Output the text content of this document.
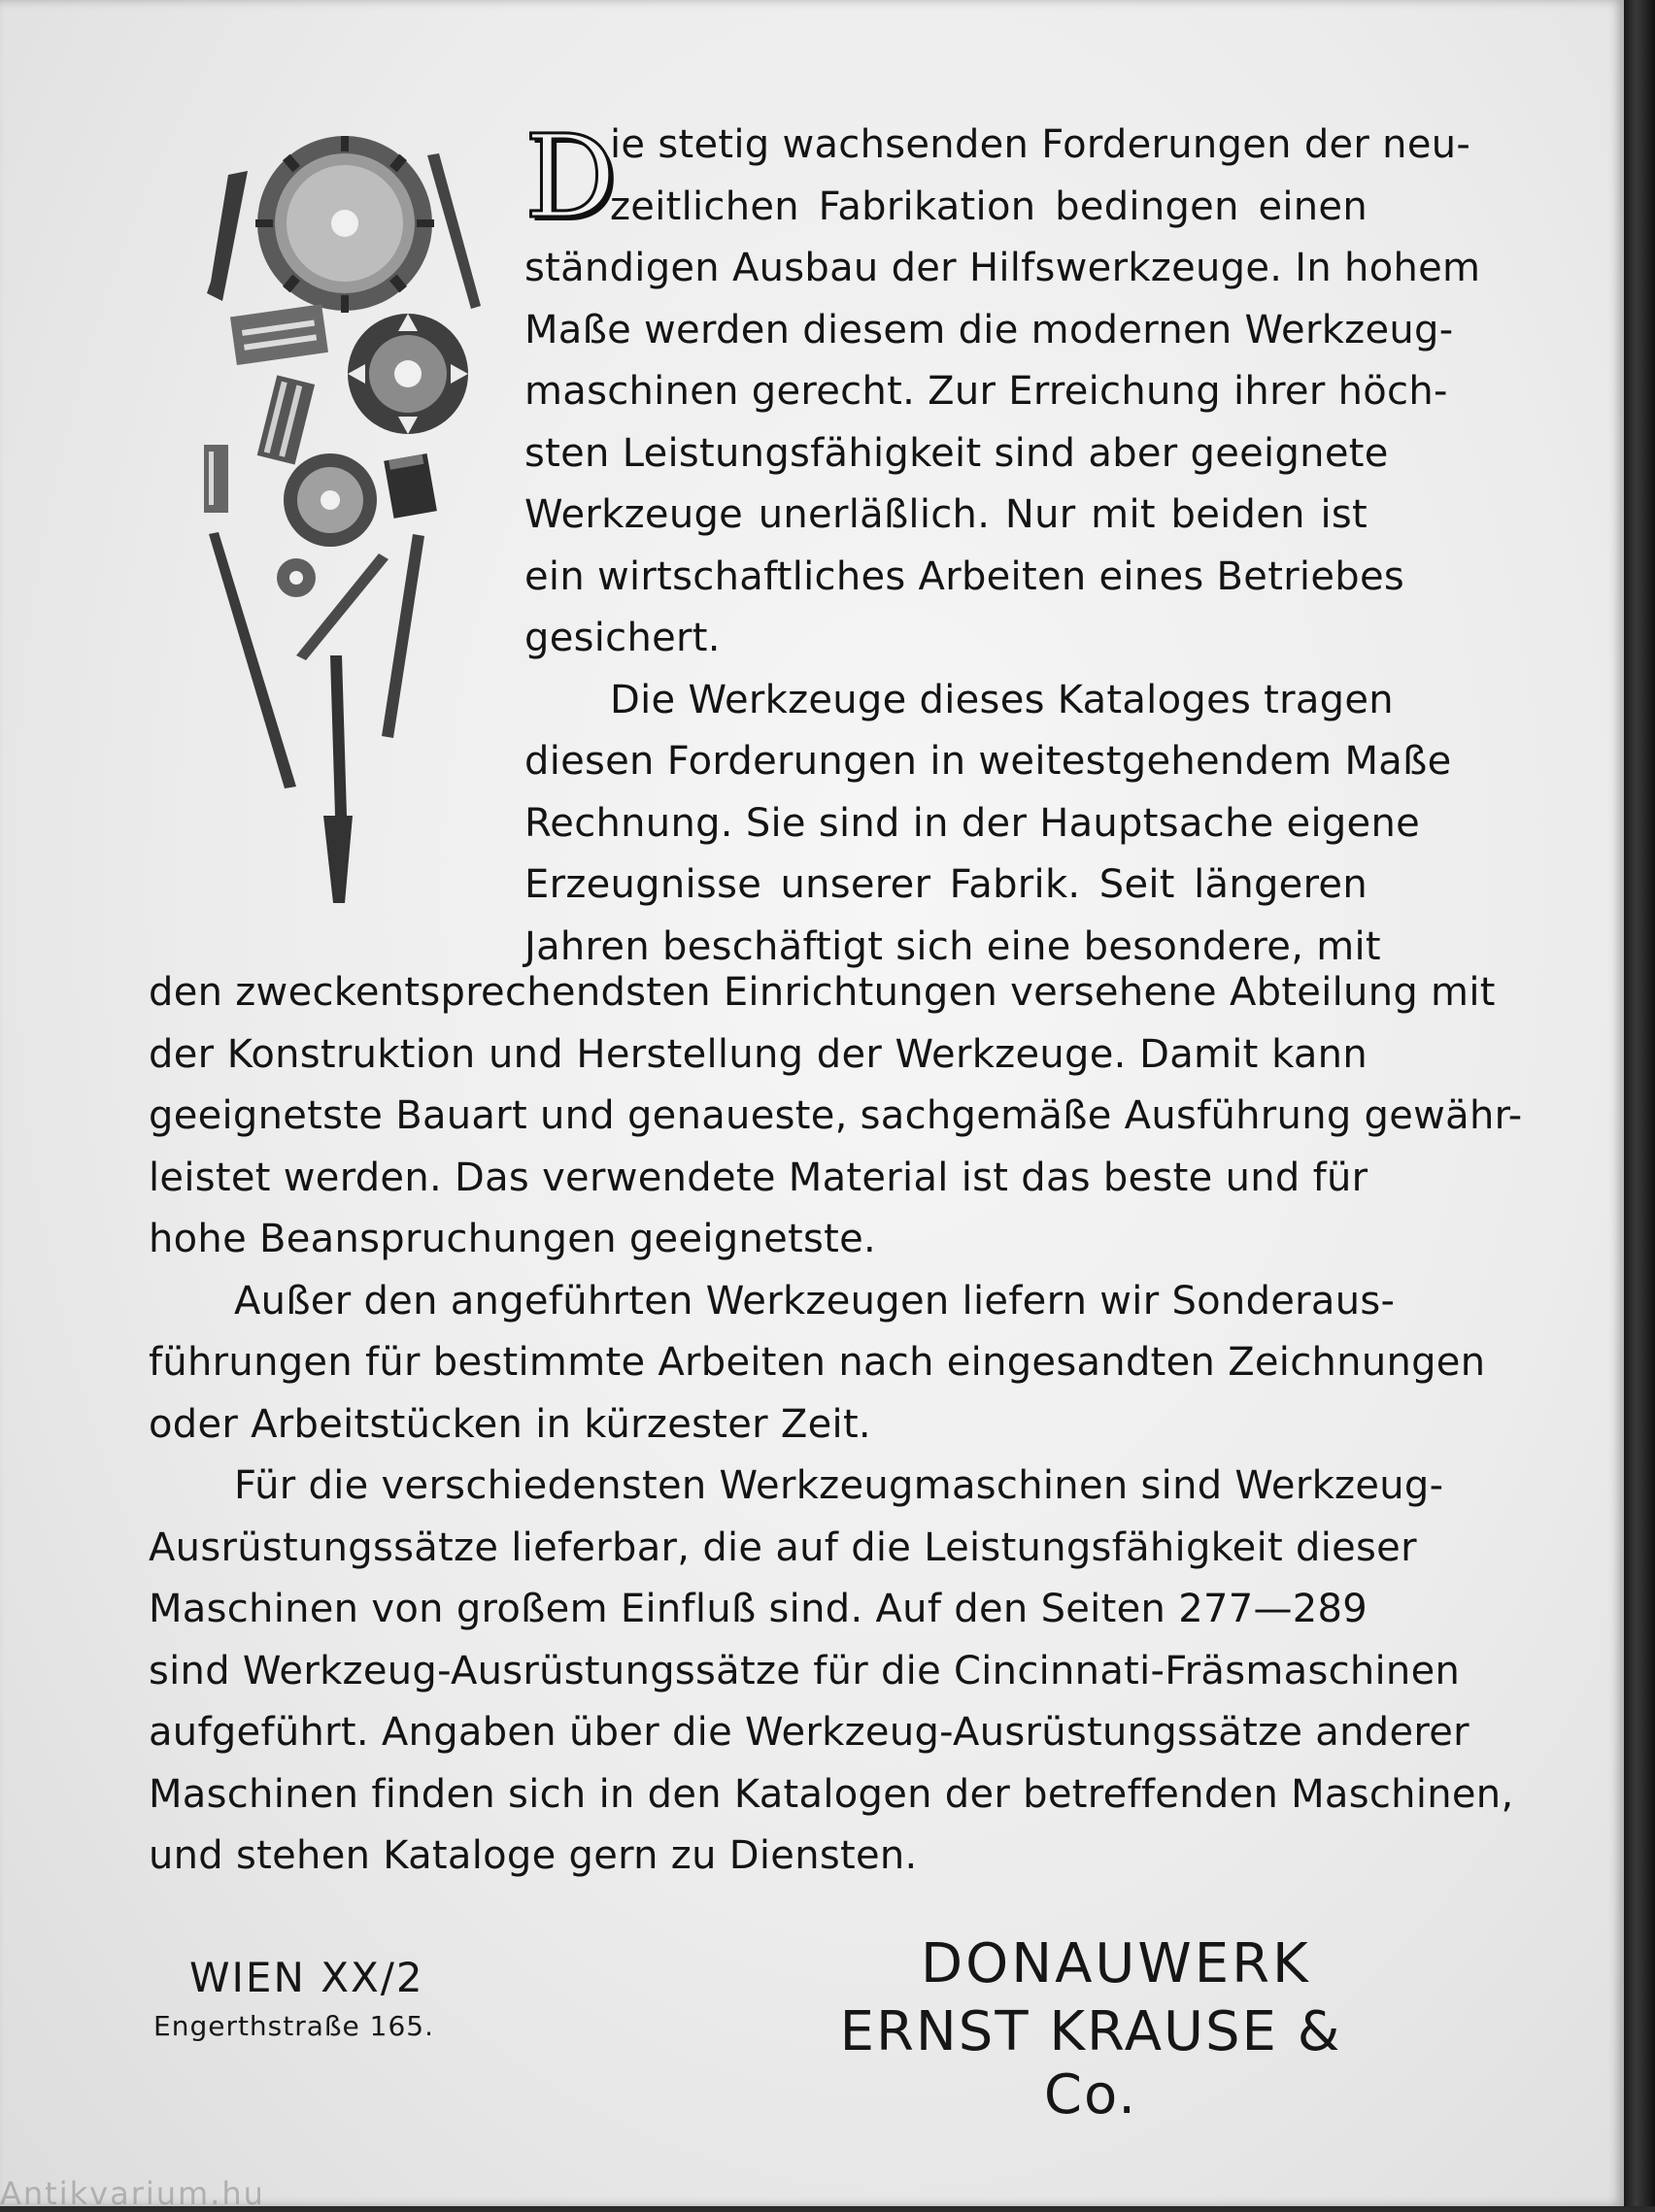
D
ie stetig wachsenden Forderungen der neu-
zeitlichen Fabrikation bedingen einen
ständigen Ausbau der Hilfswerkzeuge. In hohem
Maße werden diesem die modernen Werkzeug-
maschinen gerecht. Zur Erreichung ihrer höch-
sten Leistungsfähigkeit sind aber geeignete
Werkzeuge unerläßlich. Nur mit beiden ist
ein wirtschaftliches Arbeiten eines Betriebes
gesichert.
Die Werkzeuge dieses Kataloges tragen
diesen Forderungen in weitestgehendem Maße
Rechnung. Sie sind in der Hauptsache eigene
Erzeugnisse unserer Fabrik. Seit längeren
Jahren beschäftigt sich eine besondere, mit
den zweckentsprechendsten Einrichtungen versehene Abteilung mit
der Konstruktion und Herstellung der Werkzeuge. Damit kann
geeignetste Bauart und genaueste, sachgemäße Ausführung gewähr-
leistet werden. Das verwendete Material ist das beste und für
hohe Beanspruchungen geeignetste.
Außer den angeführten Werkzeugen liefern wir Sonderaus-
führungen für bestimmte Arbeiten nach eingesandten Zeichnungen
oder Arbeitstücken in kürzester Zeit.
Für die verschiedensten Werkzeugmaschinen sind Werkzeug-
Ausrüstungssätze lieferbar, die auf die Leistungsfähigkeit dieser
Maschinen von großem Einfluß sind. Auf den Seiten 277—289
sind Werkzeug-Ausrüstungssätze für die Cincinnati-Fräsmaschinen
aufgeführt. Angaben über die Werkzeug-Ausrüstungssätze anderer
Maschinen finden sich in den Katalogen der betreffenden Maschinen,
und stehen Kataloge gern zu Diensten.
WIEN XX/2
Engerthstraße 165.
DONAUWERK
ERNST KRAUSE & Co.
Antikvarium.hu
